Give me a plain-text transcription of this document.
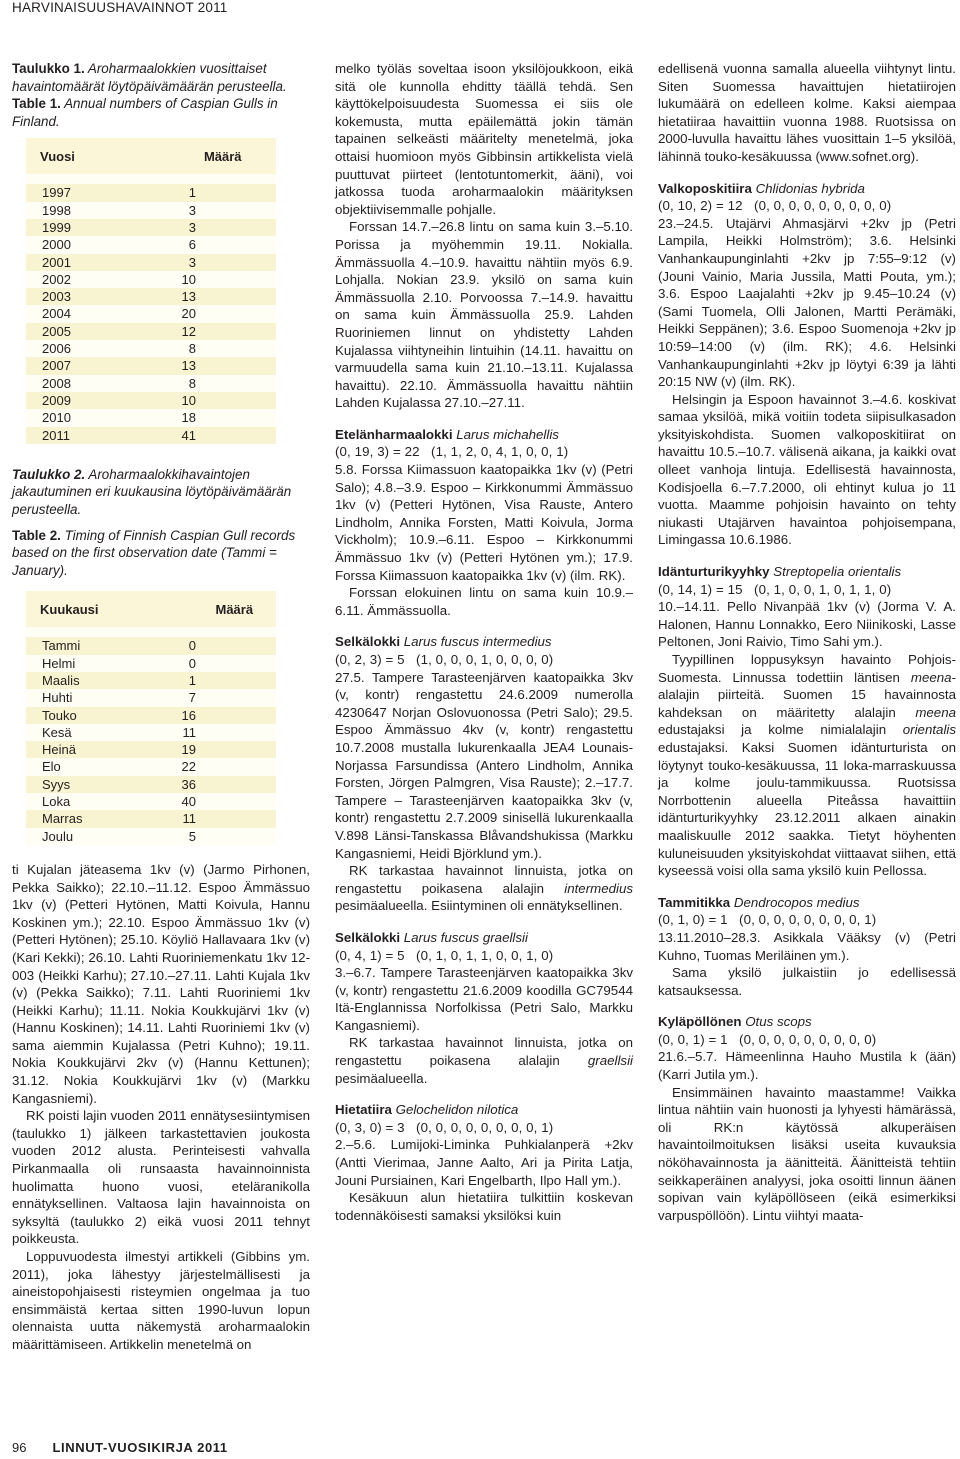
HARVINAISUUSHAVAINNOT 2011
Taulukko 1. Aroharmaalokkien vuosittaiset havaintomäärät löytöpäivämäärän perusteella.
Table 1. Annual numbers of Caspian Gulls in Finland.
Vuosi	Määrä

1997	1
1998	3
1999	3
2000	6
2001	3
2002	10
2003	13
2004	20
2005	12
2006	8
2007	13
2008	8
2009	10
2010	18
2011	41
Taulukko 2. Aroharmaalokkihavaintojen jakautuminen eri kuukausina löytöpäivämäärän perusteella.
Table 2. Timing of Finnish Caspian Gull records based on the first observation date (Tammi = January).
Kuukausi	Määrä

Tammi	0
Helmi	0
Maalis	1
Huhti	7
Touko	16
Kesä	11
Heinä	19
Elo	22
Syys	36
Loka	40
Marras	11
Joulu	5

ti Kujalan jäteasema 1kv (v) (Jarmo Pirhonen, Pekka Saikko); 22.10.–11.12. Espoo Ämmässuo 1kv (v) (Petteri Hytönen, Matti Koivula, Hannu Koskinen ym.); 22.10. Espoo Ämmässuo 1kv (v) (Petteri Hytönen); 25.10. Köyliö Hallavaara 1kv (v) (Kari Kekki); 26.10. Lahti Ruoriniemenkatu 1kv 12-003 (Heikki Karhu); 27.10.–27.11. Lahti Kujala 1kv (v) (Pekka Saikko); 7.11. Lahti Ruoriniemi 1kv (Heikki Karhu); 11.11. Nokia Koukkujärvi 1kv (v) (Hannu Koskinen); 14.11. Lahti Ruoriniemi 1kv (v) sama aiemmin Kujalassa (Petri Kuhno); 19.11. Nokia Koukkujärvi 2kv (v) (Hannu Kettunen); 31.12. Nokia Koukkujärvi 1kv (v) (Markku Kangasniemi).

RK poisti lajin vuoden 2011 ennätysesiintymisen (taulukko 1) jälkeen tarkastettavien joukosta vuoden 2012 alusta. Perinteisesti vahvalla Pirkanmaalla oli runsaasta havainnoinnista huolimatta huono vuosi, eteläranikolla ennätyksellinen. Valtaosa lajin havainnoista on syksyltä (taulukko 2) eikä vuosi 2011 tehnyt poikkeusta.

Loppuvuodesta ilmestyi artikkeli (Gibbins ym. 2011), joka lähestyy järjestelmällisesti ja aineistopohjaisesti risteymien ongelmaa ja tuo ensimmäistä kertaa sitten 1990-luvun lopun olennaista uutta näkemystä aroharmaalokin määrittämiseen. Artikkelin menetelmä on

melko työläs soveltaa isoon yksilöjoukkoon, eikä sitä ole kunnolla ehditty täällä tehdä. Sen käyttökelpoisuudesta Suomessa ei siis ole kokemusta, mutta epäilemättä jokin tämän tapainen selkeästi määritelty menetelmä, joka ottaisi huomioon myös Gibbinsin artikkelista vielä puuttuvat piirteet (lentotuntomerkit, ääni), voi jatkossa tuoda aroharmaalokin määrityksen objektiivisemmalle pohjalle.

Forssan 14.7.–26.8 lintu on sama kuin 3.–5.10. Porissa ja myöhemmin 19.11. Nokialla. Ämmässuolla 4.–10.9. havaittu nähtiin myös 6.9. Lohjalla. Nokian 23.9. yksilö on sama kuin Ämmässuolla 2.10. Porvoossa 7.–14.9. havaittu on sama kuin Ämmässuolla 25.9. Lahden Ruoriniemen linnut on yhdistetty Lahden Kujalassa viihtyneihin lintuihin (14.11. havaittu on varmuudella sama kuin 21.10.–13.11. Kujalassa havaittu). 22.10. Ämmässuolla havaittu nähtiin Lahden Kujalassa 27.10.–27.11.

Etelänharmaalokki Larus michahellis
(0, 19, 3) = 22   (1, 1, 2, 0, 4, 1, 0, 0, 1)

5.8. Forssa Kiimassuon kaatopaikka 1kv (v) (Petri Salo); 4.8.–3.9. Espoo – Kirkkonummi Ämmässuo 1kv (v) (Petteri Hytönen, Visa Rauste, Antero Lindholm, Annika Forsten, Matti Koivula, Jorma Vickholm); 10.9.–6.11. Espoo – Kirkkonummi Ämmässuo 1kv (v) (Petteri Hytönen ym.); 17.9. Forssa Kiimassuon kaatopaikka 1kv (v) (ilm. RK).

Forssan elokuinen lintu on sama kuin 10.9.–6.11. Ämmässuolla.

Selkälokki Larus fuscus intermedius
(0, 2, 3) = 5   (1, 0, 0, 0, 1, 0, 0, 0, 0)

27.5. Tampere Tarasteenjärven kaatopaikka 3kv (v, kontr) rengastettu 24.6.2009 numerolla 4230647 Norjan Oslovuonossa (Petri Salo); 29.5. Espoo Ämmässuo 4kv (v, kontr) rengastettu 10.7.2008 mustalla lukurenkaalla JEA4 Lounais-Norjassa Farsundissa (Antero Lindholm, Annika Forsten, Jörgen Palmgren, Visa Rauste); 2.–17.7. Tampere – Tarasteenjärven kaatopaikka 3kv (v, kontr) rengastettu 2.7.2009 sinisellä lukurenkaalla V.898 Länsi-Tanskassa Blåvandshukissa (Markku Kangasniemi, Heidi Björklund ym.).

RK tarkastaa havainnot linnuista, jotka on rengastettu poikasena alalajin intermedius pesimäalueella. Esiintyminen oli ennätyksellinen.

Selkälokki Larus fuscus graellsii
(0, 4, 1) = 5   (0, 1, 0, 1, 1, 0, 0, 1, 0)

3.–6.7. Tampere Tarasteenjärven kaatopaikka 3kv (v, kontr) rengastettu 21.6.2009 koodilla GC79544 Itä-Englannissa Norfolkissa (Petri Salo, Markku Kangasniemi).

RK tarkastaa havainnot linnuista, jotka on rengastettu poikasena alalajin graellsii pesimäalueella.

Hietatiira Gelochelidon nilotica
(0, 3, 0) = 3   (0, 0, 0, 0, 0, 0, 0, 0, 1)

2.–5.6. Lumijoki-Liminka Puhkialanperä +2kv (Antti Vierimaa, Janne Aalto, Ari ja Pirita Latja, Jouni Pursiainen, Kari Engelbarth, Ilpo Hall ym.).

Kesäkuun alun hietatiira tulkittiin koskevan todennäköisesti samaksi yksilöksi kuin

edellisenä vuonna samalla alueella viihtynyt lintu. Siten Suomessa havaittujen hietatiirojen lukumäärä on edelleen kolme. Kaksi aiempaa hietatiiraa havaittiin vuonna 1988. Ruotsissa on 2000-luvulla havaittu lähes vuosittain 1–5 yksilöä, lähinnä touko-kesäkuussa (www.sofnet.org).

Valkoposkitiira Chlidonias hybrida
(0, 10, 2) = 12   (0, 0, 0, 0, 0, 0, 0, 0, 0)

23.–24.5. Utajärvi Ahmasjärvi +2kv jp (Petri Lampila, Heikki Holmström); 3.6. Helsinki Vanhankaupunginlahti +2kv jp 7:55–9:12 (v) (Jouni Vainio, Maria Jussila, Matti Pouta, ym.); 3.6. Espoo Laajalahti +2kv jp 9.45–10.24 (v) (Sami Tuomela, Olli Jalonen, Martti Perämäki, Heikki Seppänen); 3.6. Espoo Suomenoja +2kv jp 10:59–14:00 (v) (ilm. RK); 4.6. Helsinki Vanhankaupunginlahti +2kv jp löytyi 6:39 ja lähti 20:15 NW (v) (ilm. RK).

Helsingin ja Espoon havainnot 3.–4.6. koskivat samaa yksilöä, mikä voitiin todeta siipisulkasadon yksityiskohdista. Suomen valkoposkitiirat on havaittu 10.5.–10.7. välisenä aikana, ja kaikki ovat olleet vanhoja lintuja. Edellisestä havainnosta, Kodisjoella 6.–7.7.2000, oli ehtinyt kulua jo 11 vuotta. Maamme pohjoisin havainto on tehty niukasti Utajärven havaintoa pohjoisempana, Limingassa 10.6.1986.

Idänturturikyyhky Streptopelia orientalis
(0, 14, 1) = 15   (0, 1, 0, 0, 1, 0, 1, 1, 0)

10.–14.11. Pello Nivanpää 1kv (v) (Jorma V. A. Halonen, Hannu Lonnakko, Eero Niinikoski, Lasse Peltonen, Joni Raivio, Timo Sahi ym.).

Tyypillinen loppusyksyn havainto Pohjois-Suomesta. Linnussa todettiin läntisen meena-alalajin piirteitä. Suomen 15 havainnosta kahdeksan on määritetty alalajin meena edustajaksi ja kolme nimialalajin orientalis edustajaksi. Kaksi Suomen idänturturista on löytynyt touko-kesäkuussa, 11 loka-marraskuussa ja kolme joulu-tammikuussa. Ruotsissa Norrbottenin alueella Piteåssa havaittiin idänturturikyyhky 23.12.2011 alkaen ainakin maaliskuulle 2012 saakka. Tietyt höyhenten kuluneisuuden yksityiskohdat viittaavat siihen, että kyseessä voisi olla sama yksilö kuin Pellossa.

Tammitikka Dendrocopos medius
(0, 1, 0) = 1   (0, 0, 0, 0, 0, 0, 0, 0, 1)

13.11.2010–28.3. Asikkala Vääksy (v) (Petri Kuhno, Tuomas Meriläinen ym.).

Sama yksilö julkaistiin jo edellisessä katsauksessa.

Kyläpöllönen Otus scops
(0, 0, 1) = 1   (0, 0, 0, 0, 0, 0, 0, 0, 0)

21.6.–5.7. Hämeenlinna Hauho Mustila k (ään) (Karri Jutila ym.).

Ensimmäinen havainto maastamme! Vaikka lintua nähtiin vain huonosti ja lyhyesti hämärässä, oli RK:n käytössä alkuperäisen havaintoilmoituksen lisäksi useita kuvauksia nököhavainnosta ja äänitteitä. Äänitteistä tehtiin seikkaperäinen analyysi, joka osoitti linnun äänen sopivan vain kyläpöllöseen (eikä esimerkiksi varpuspöllöön). Lintu viihtyi maata-

96 LINNUT-VUOSIKIRJA 2011
